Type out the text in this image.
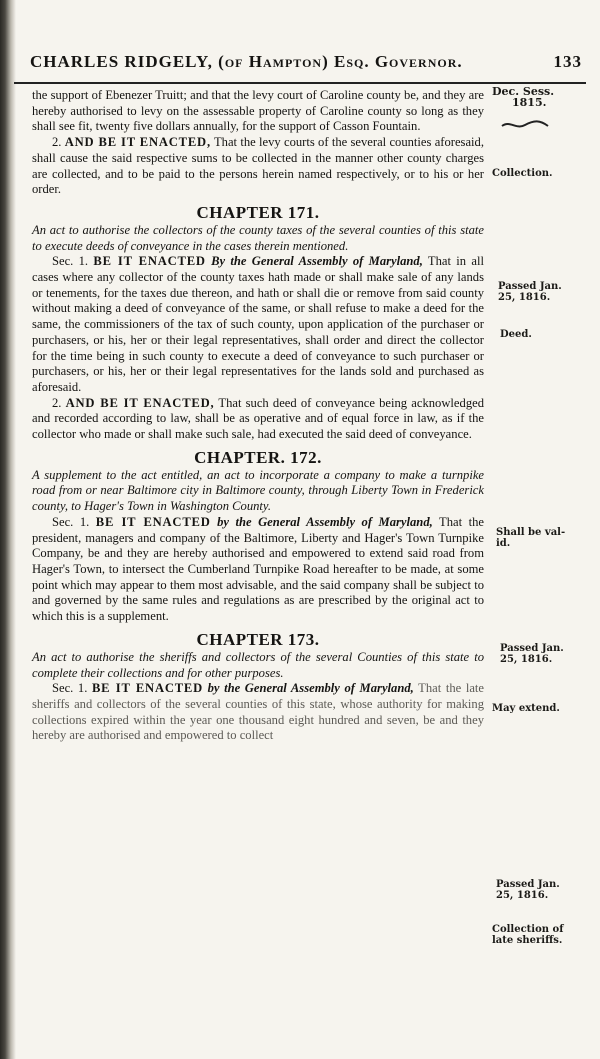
CHARLES RIDGELY, (of Hampton) Esq. Governor.	133
Dec. Sess.
1815.
Collection.
Passed Jan.
25, 1816.
Deed.
Shall be val-
id.
Passed Jan.
25, 1816.
May extend.
Passed Jan.
25, 1816.
Collection of
late sheriffs.

the support of Ebenezer Truitt; and that the levy court of Caroline county be, and they are hereby authorised to levy on the assessable property of Caroline county so long as they shall see fit, twenty five dollars annually, for the support of Casson Fountain.

2. AND BE IT ENACTED, That the levy courts of the several counties aforesaid, shall cause the said respective sums to be collected in the manner other county charges are collected, and to be paid to the persons herein named respectively, or to his or her order.

CHAPTER 171.

An act to authorise the collectors of the county taxes of the several counties of this state to execute deeds of conveyance in the cases therein mentioned.

Sec. 1. BE IT ENACTED By the General Assembly of Maryland, That in all cases where any collector of the county taxes hath made or shall make sale of any lands or tenements, for the taxes due thereon, and hath or shall die or remove from said county without making a deed of conveyance of the same, or shall refuse to make a deed for the same, the commissioners of the tax of such county, upon application of the purchaser or purchasers, or his, her or their legal representatives, shall order and direct the collector for the time being in such county to execute a deed of conveyance to such purchaser or purchasers, or his, her or their legal representatives for the lands sold and purchased as aforesaid.

2. AND BE IT ENACTED, That such deed of conveyance being acknowledged and recorded according to law, shall be as operative and of equal force in law, as if the collector who made or shall make such sale, had executed the said deed of conveyance.

CHAPTER. 172.

A supplement to the act entitled, an act to incorporate a company to make a turnpike road from or near Baltimore city in Baltimore county, through Liberty Town in Frederick county, to Hager's Town in Washington County.

Sec. 1. BE IT ENACTED by the General Assembly of Maryland, That the president, managers and company of the Baltimore, Liberty and Hager's Town Turnpike Company, be and they are hereby authorised and empowered to extend said road from Hager's Town, to intersect the Cumberland Turnpike Road hereafter to be made, at some point which may appear to them most advisable, and the said company shall be subject to and governed by the same rules and regulations as are prescribed by the original act to which this is a supplement.

CHAPTER 173.

An act to authorise the sheriffs and collectors of the several Counties of this state to complete their collections and for other purposes.

Sec. 1. BE IT ENACTED by the General Assembly of Maryland, That the late sheriffs and collectors of the several counties of this state, whose authority for making collections expired within the year one thousand eight hundred and seven, be and they hereby are authorised and empowered to collect
